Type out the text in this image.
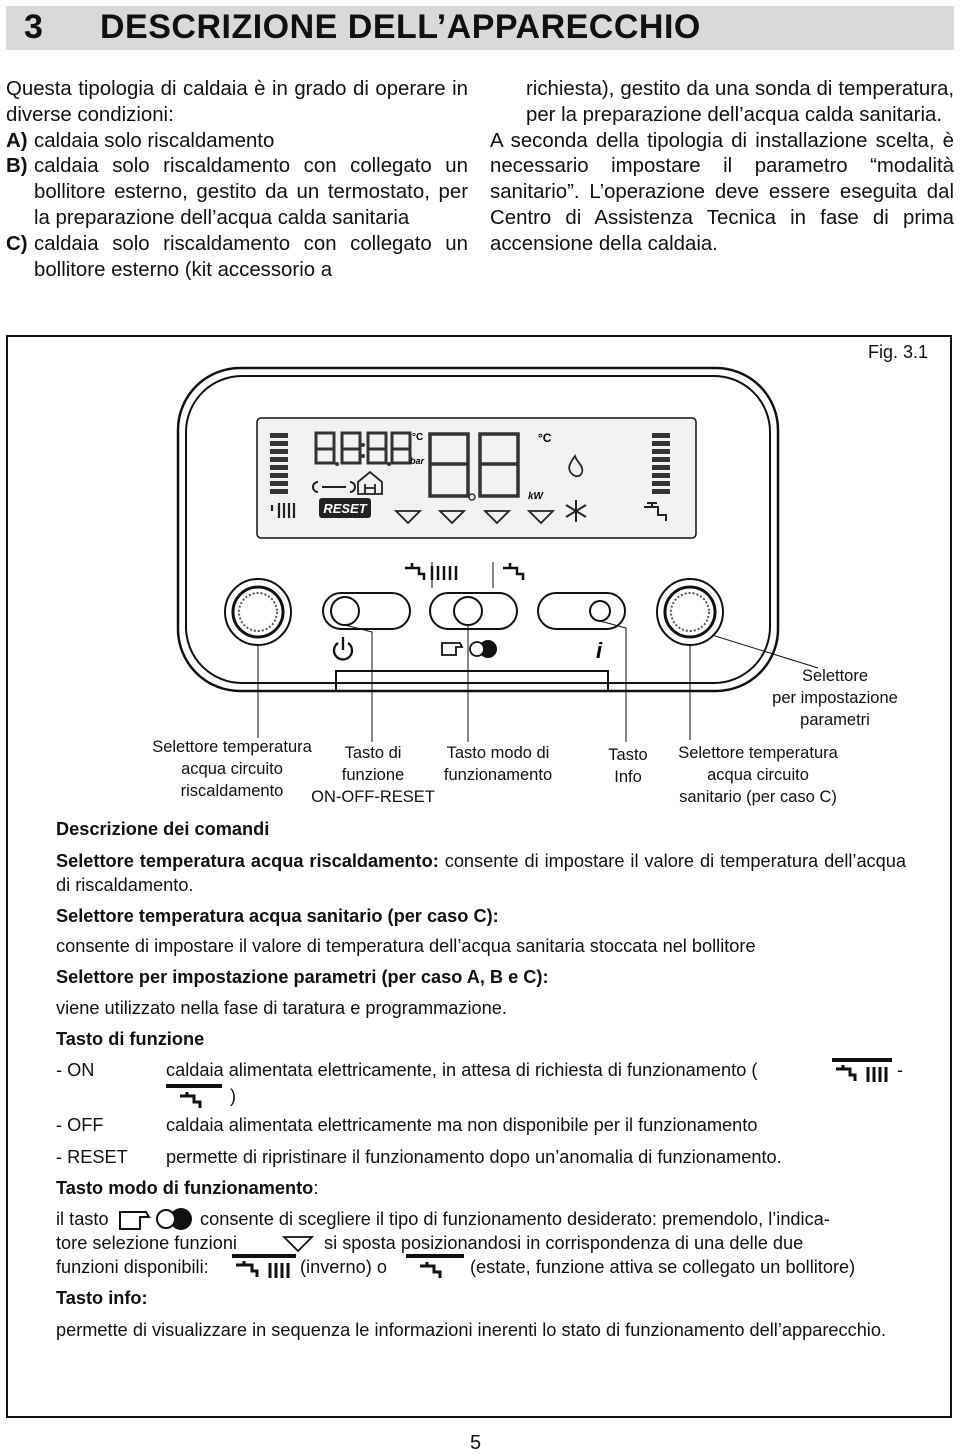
3 DESCRIZIONE DELL’APPARECCHIO

Questa tipologia di caldaia è in grado di operare in diverse condizioni:

A) caldaia solo riscaldamento
B) caldaia solo riscaldamento con collegato un bollitore esterno, gestito da un termostato, per la preparazione dell’acqua calda sanitaria
C) caldaia solo riscaldamento con collegato un bollitore esterno (kit accessorio a

richiesta), gestito da una sonda di temperatura, per la preparazione dell’acqua calda sanitaria.

A seconda della tipologia di installazione scelta, è necessario impostare il parametro “modalità sanitario”. L’operazione deve essere eseguita dal Centro di Assistenza Tecnica in fase di prima accensione della caldaia.

Fig. 3.1
°C
bar
°C
kW
RESET
i
Selettore temperatura
acqua circuito
riscaldamento
Tasto di
funzione
ON-OFF-RESET
Tasto modo di
funzionamento
Tasto
Info
Selettore temperatura
acqua circuito
sanitario (per caso C)
Selettore
per impostazione
parametri
Descrizione dei comandi

Selettore temperatura acqua riscaldamento: consente di impostare il valore di temperatura dell’acqua di riscaldamento.

Selettore temperatura acqua sanitario (per caso C):
consente di impostare il valore di temperatura dell’acqua sanitaria stoccata nel bollitore
Selettore per impostazione parametri (per caso A, B e C):
viene utilizzato nella fase di taratura e programmazione.
Tasto di funzione
- ON	caldaia alimentata elettricamente, in attesa di richiesta di funzionamento (	-
)
- OFF	caldaia alimentata elettricamente ma non disponibile per il funzionamento
- RESET permette di ripristinare il funzionamento dopo un’anomalia di funzionamento.
Tasto modo di funzionamento:
il tasto	consente di scegliere il tipo di funzionamento desiderato: premendolo, l’indica-
tore selezione funzioni	si sposta posizionandosi in corrispondenza di una delle due
funzioni disponibili:	(inverno) o	(estate, funzione attiva se collegato un bollitore)
Tasto info:

permette di visualizzare in sequenza le informazioni inerenti lo stato di funzionamento dell’apparecchio.

5
